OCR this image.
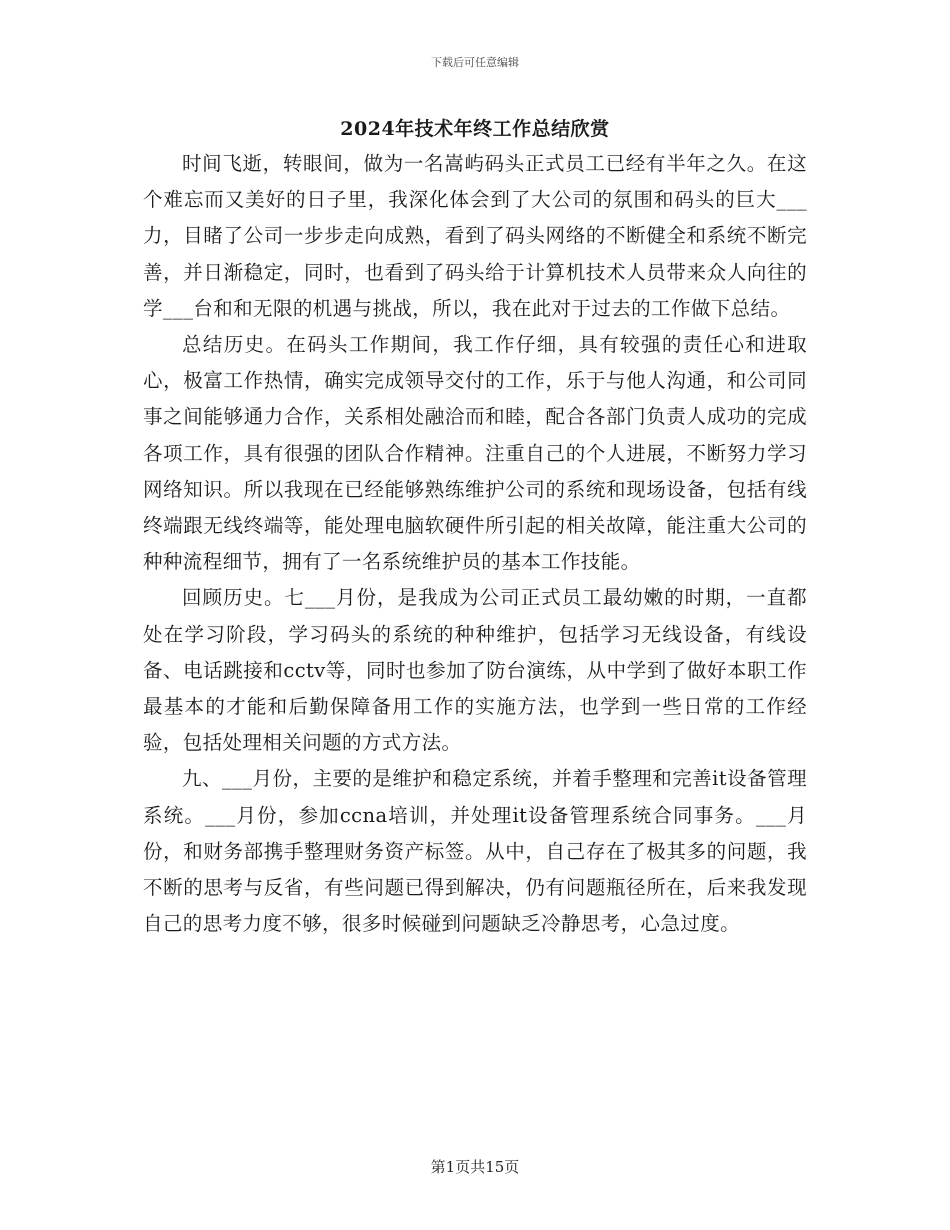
下载后可任意编辑
2024年技术年终工作总结欣赏

时间飞逝，转眼间，做为一名嵩屿码头正式员工已经有半年之久。在这个难忘而又美好的日子里，我深化体会到了大公司的氛围和码头的巨大___力，目睹了公司一步步走向成熟，看到了码头网络的不断健全和系统不断完善，并日渐稳定，同时，也看到了码头给于计算机技术人员带来众人向往的学___台和和无限的机遇与挑战，所以，我在此对于过去的工作做下总结。

总结历史。在码头工作期间，我工作仔细，具有较强的责任心和进取心，极富工作热情，确实完成领导交付的工作，乐于与他人沟通，和公司同事之间能够通力合作，关系相处融洽而和睦，配合各部门负责人成功的完成各项工作，具有很强的团队合作精神。注重自己的个人进展，不断努力学习网络知识。所以我现在已经能够熟练维护公司的系统和现场设备，包括有线终端跟无线终端等，能处理电脑软硬件所引起的相关故障，能注重大公司的种种流程细节，拥有了一名系统维护员的基本工作技能。

回顾历史。七___月份，是我成为公司正式员工最幼嫩的时期，一直都处在学习阶段，学习码头的系统的种种维护，包括学习无线设备，有线设备、电话跳接和cctv等，同时也参加了防台演练，从中学到了做好本职工作最基本的才能和后勤保障备用工作的实施方法，也学到一些日常的工作经验，包括处理相关问题的方式方法。

九、___月份，主要的是维护和稳定系统，并着手整理和完善it设备管理系统。___月份，参加ccna培训，并处理it设备管理系统合同事务。___月份，和财务部携手整理财务资产标签。从中，自己存在了极其多的问题，我不断的思考与反省，有些问题已得到解决，仍有问题瓶径所在，后来我发现自己的思考力度不够，很多时候碰到问题缺乏冷静思考，心急过度。

第1页共15页
